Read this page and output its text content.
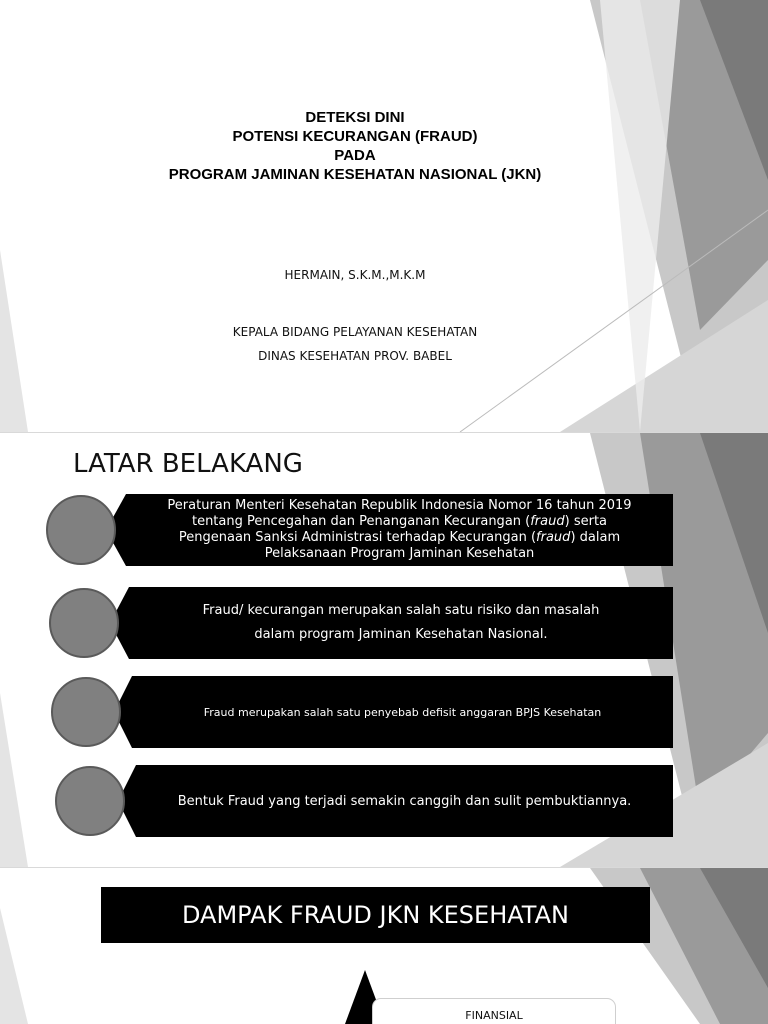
DETEKSI DINI
POTENSI KECURANGAN (FRAUD)
PADA
PROGRAM JAMINAN KESEHATAN NASIONAL (JKN)
HERMAIN, S.K.M.,M.K.M
KEPALA BIDANG PELAYANAN KESEHATAN
DINAS KESEHATAN PROV. BABEL
LATAR BELAKANG
Peraturan Menteri Kesehatan Republik Indonesia Nomor 16 tahun 2019
tentang Pencegahan dan Penanganan Kecurangan (fraud) serta
Pengenaan Sanksi Administrasi terhadap Kecurangan (fraud) dalam
Pelaksanaan Program Jaminan Kesehatan
Fraud/ kecurangan merupakan salah satu risiko dan masalah
dalam program Jaminan Kesehatan Nasional.
Fraud merupakan salah satu penyebab defisit anggaran BPJS Kesehatan
Bentuk Fraud yang terjadi semakin canggih dan sulit pembuktiannya.
DAMPAK FRAUD JKN KESEHATAN
FINANSIAL
